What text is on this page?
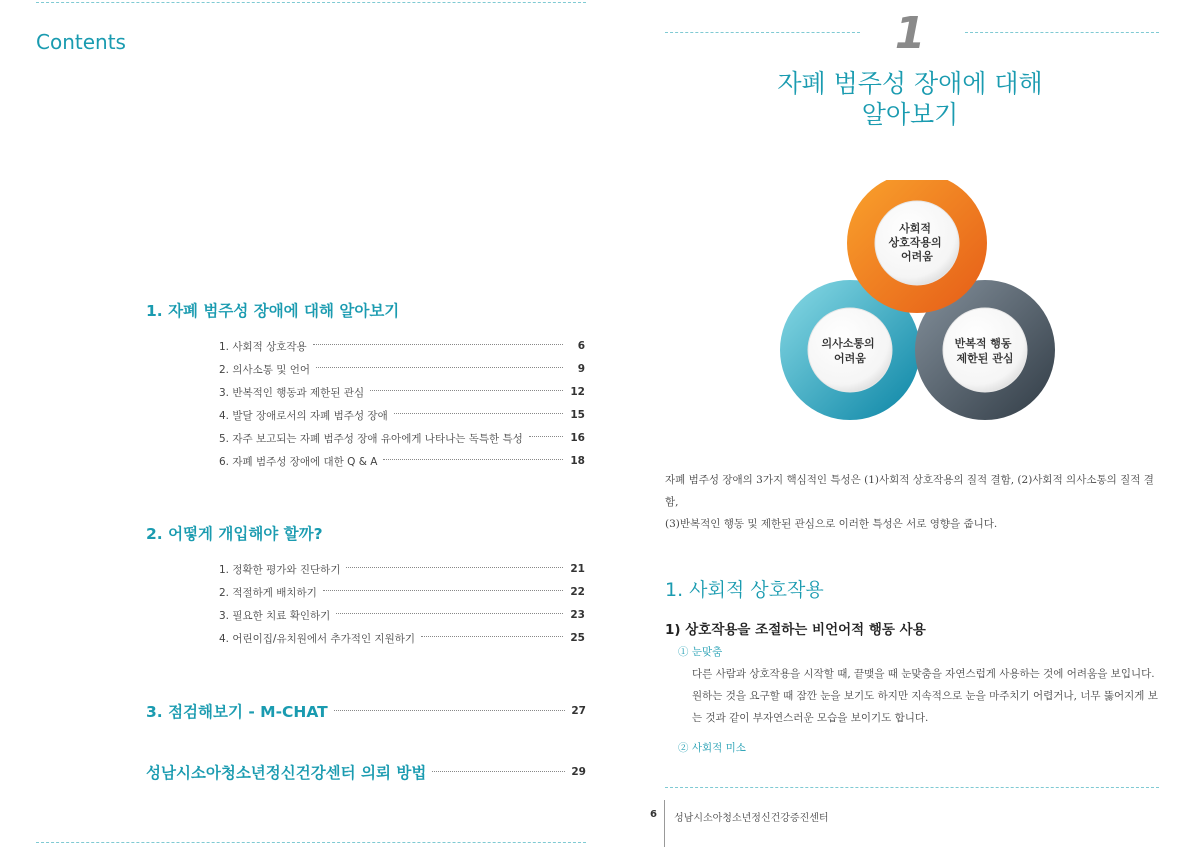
Contents
1. 자폐 범주성 장애에 대해 알아보기
1. 사회적 상호작용	6
2. 의사소통 및 언어	9
3. 반복적인 행동과 제한된 관심	12
4. 발달 장애로서의 자폐 범주성 장애	15
5. 자주 보고되는 자폐 범주성 장애 유아에게 나타나는 독특한 특성	16
6. 자폐 범주성 장애에 대한 Q & A	18
2. 어떻게 개입해야 할까?
1. 정확한 평가와 진단하기	21
2. 적절하게 배치하기	22
3. 필요한 치료 확인하기	23
4. 어린이집/유치원에서 추가적인 지원하기	25
3. 점검해보기 - M-CHAT	27
성남시소아청소년정신건강센터 의뢰 방법	29
1
자폐 범주성 장애에 대해
알아보기
사회적 상호작용의 어려움
의사소통의 어려움
반복적 행동 제한된 관심
자폐 범주성 장애의 3가지 핵심적인 특성은 (1)사회적 상호작용의 질적 결함, (2)사회적 의사소통의 질적 결함,
(3)반복적인 행동 및 제한된 관심으로 이러한 특성은 서로 영향을 줍니다.
1. 사회적 상호작용
1) 상호작용을 조절하는 비언어적 행동 사용
① 눈맞춤
다른 사람과 상호작용을 시작할 때, 끝맺을 때 눈맞춤을 자연스럽게 사용하는 것에 어려움을 보입니다.
원하는 것을 요구할 때 잠깐 눈을 보기도 하지만 지속적으로 눈을 마주치기 어렵거나, 너무 뚫어지게 보
는 것과 같이 부자연스러운 모습을 보이기도 합니다.
② 사회적 미소
6 성남시소아청소년정신건강증진센터
